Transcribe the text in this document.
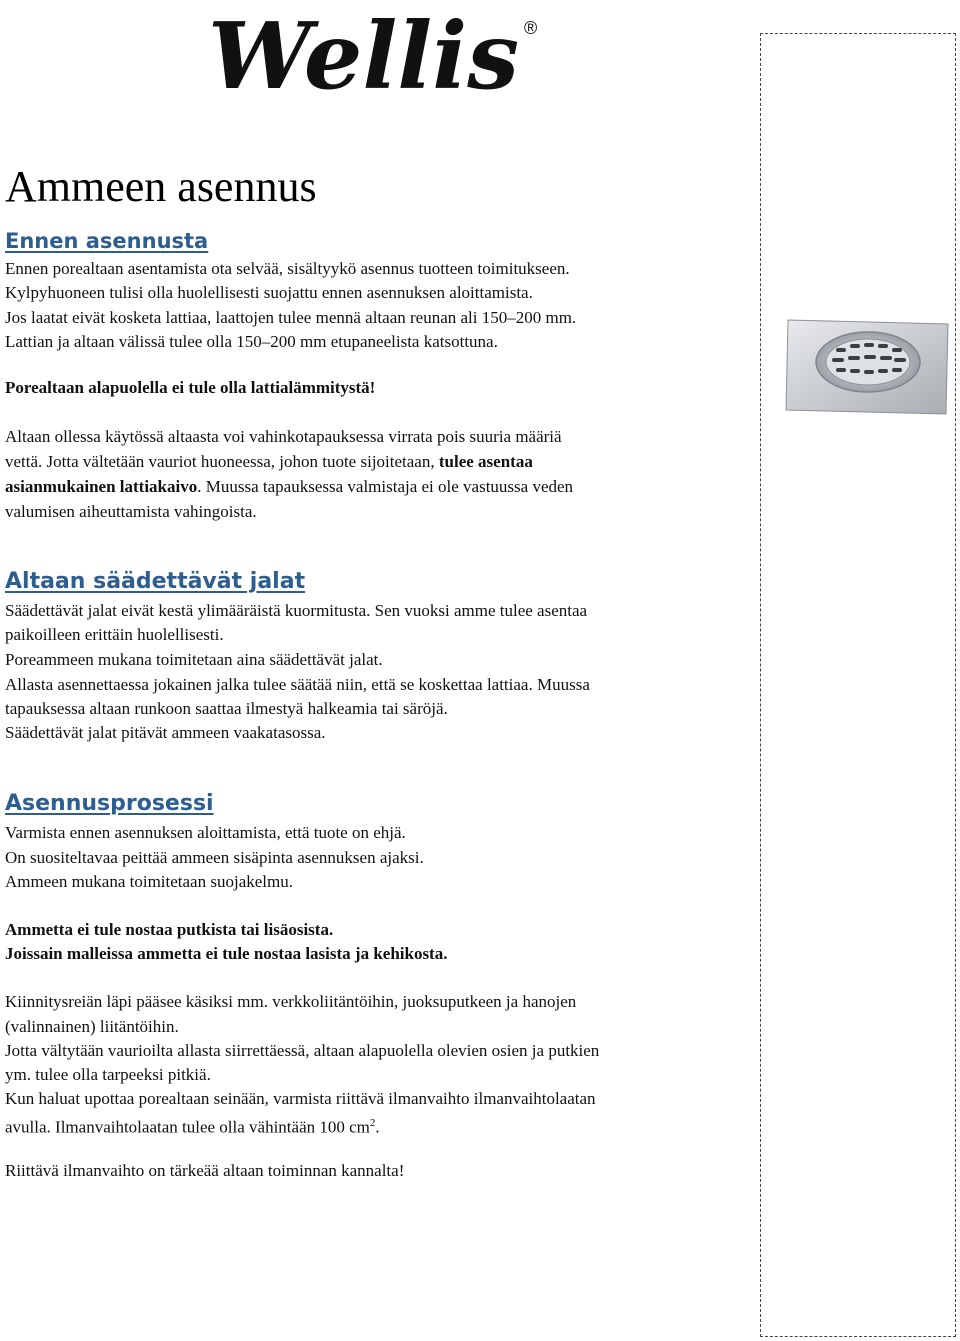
Wellis ®
Ammeen asennus
Ennen asennusta

Ennen porealtaan asentamista ota selvää, sisältyykö asennus tuotteen toimitukseen.

Kylpyhuoneen tulisi olla huolellisesti suojattu ennen asennuksen aloittamista.

Jos laatat eivät kosketa lattiaa, laattojen tulee mennä altaan reunan ali 150–200 mm.

Lattian ja altaan välissä tulee olla 150–200 mm etupaneelista katsottuna.

Porealtaan alapuolella ei tule olla lattialämmitystä!

Altaan ollessa käytössä altaasta voi vahinkotapauksessa virrata pois suuria määriä

vettä. Jotta vältetään vauriot huoneessa, johon tuote sijoitetaan, tulee asentaa

asianmukainen lattiakaivo. Muussa tapauksessa valmistaja ei ole vastuussa veden

valumisen aiheuttamista vahingoista.

Altaan säädettävät jalat

Säädettävät jalat eivät kestä ylimääräistä kuormitusta. Sen vuoksi amme tulee asentaa

paikoilleen erittäin huolellisesti.

Poreammeen mukana toimitetaan aina säädettävät jalat.

Allasta asennettaessa jokainen jalka tulee säätää niin, että se koskettaa lattiaa. Muussa

tapauksessa altaan runkoon saattaa ilmestyä halkeamia tai säröjä.

Säädettävät jalat pitävät ammeen vaakatasossa.

Asennusprosessi

Varmista ennen asennuksen aloittamista, että tuote on ehjä.

On suositeltavaa peittää ammeen sisäpinta asennuksen ajaksi.

Ammeen mukana toimitetaan suojakelmu.

Ammetta ei tule nostaa putkista tai lisäosista.

Joissain malleissa ammetta ei tule nostaa lasista ja kehikosta.

Kiinnitysreiän läpi pääsee käsiksi mm. verkkoliitäntöihin, juoksuputkeen ja hanojen

(valinnainen) liitäntöihin.

Jotta vältytään vaurioilta allasta siirrettäessä, altaan alapuolella olevien osien ja putkien

ym. tulee olla tarpeeksi pitkiä.

Kun haluat upottaa porealtaan seinään, varmista riittävä ilmanvaihto ilmanvaihtolaatan

avulla. Ilmanvaihtolaatan tulee olla vähintään 100 $cm^2$.

Riittävä ilmanvaihto on tärkeää altaan toiminnan kannalta!
